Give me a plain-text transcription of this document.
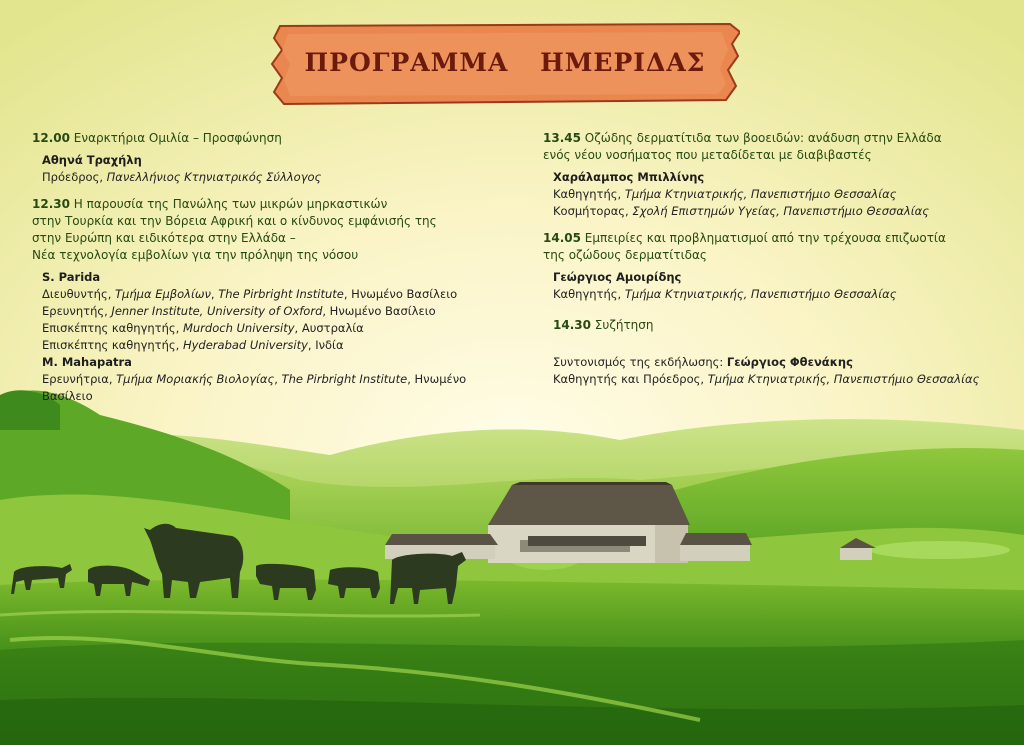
ΠΡΟΓΡΑΜΜΑ ΗΜΕΡΙΔΑΣ

12.00 Εναρκτήρια Ομιλία – Προσφώνηση

Αθηνά Τραχήλη
Πρόεδρος, Πανελλήνιος Κτηνιατρικός Σύλλογος

12.30 Η παρουσία της Πανώλης των μικρών μηρκαστικών

στην Τουρκία και την Βόρεια Αφρική και ο κίνδυνος εμφάνισής της

στην Ευρώπη και ειδικότερα στην Ελλάδα –

Νέα τεχνολογία εμβολίων για την πρόληψη της νόσου

S. Parida
Διευθυντής, Τμήμα Εμβολίων, The Pirbright Institute, Ηνωμένο Βασίλειο
Ερευνητής, Jenner Institute, University of Oxford, Ηνωμένο Βασίλειο
Επισκέπτης καθηγητής, Murdoch University, Αυστραλία
Επισκέπτης καθηγητής, Hyderabad University, Ινδία
M. Mahapatra
Ερευνήτρια, Τμήμα Μοριακής Βιολογίας, The Pirbright Institute, Ηνωμένο Βασίλειο

13.45 Οζώδης δερματίτιδα των βοοειδών: ανάδυση στην Ελλάδα

ενός νέου νοσήματος που μεταδίδεται με διαβιβαστές

Χαράλαμπος Μπιλλίνης
Καθηγητής, Τμήμα Κτηνιατρικής, Πανεπιστήμιο Θεσσαλίας
Κοσμήτορας, Σχολή Επιστημών Υγείας, Πανεπιστήμιο Θεσσαλίας

14.05 Εμπειρίες και προβληματισμοί από την τρέχουσα επιζωοτία

της οζώδους δερματίτιδας

Γεώργιος Αμοιρίδης
Καθηγητής, Τμήμα Κτηνιατρικής, Πανεπιστήμιο Θεσσαλίας

14.30 Συζήτηση

Συντονισμός της εκδήλωσης: Γεώργιος Φθενάκης
Καθηγητής και Πρόεδρος, Τμήμα Κτηνιατρικής, Πανεπιστήμιο Θεσσαλίας
